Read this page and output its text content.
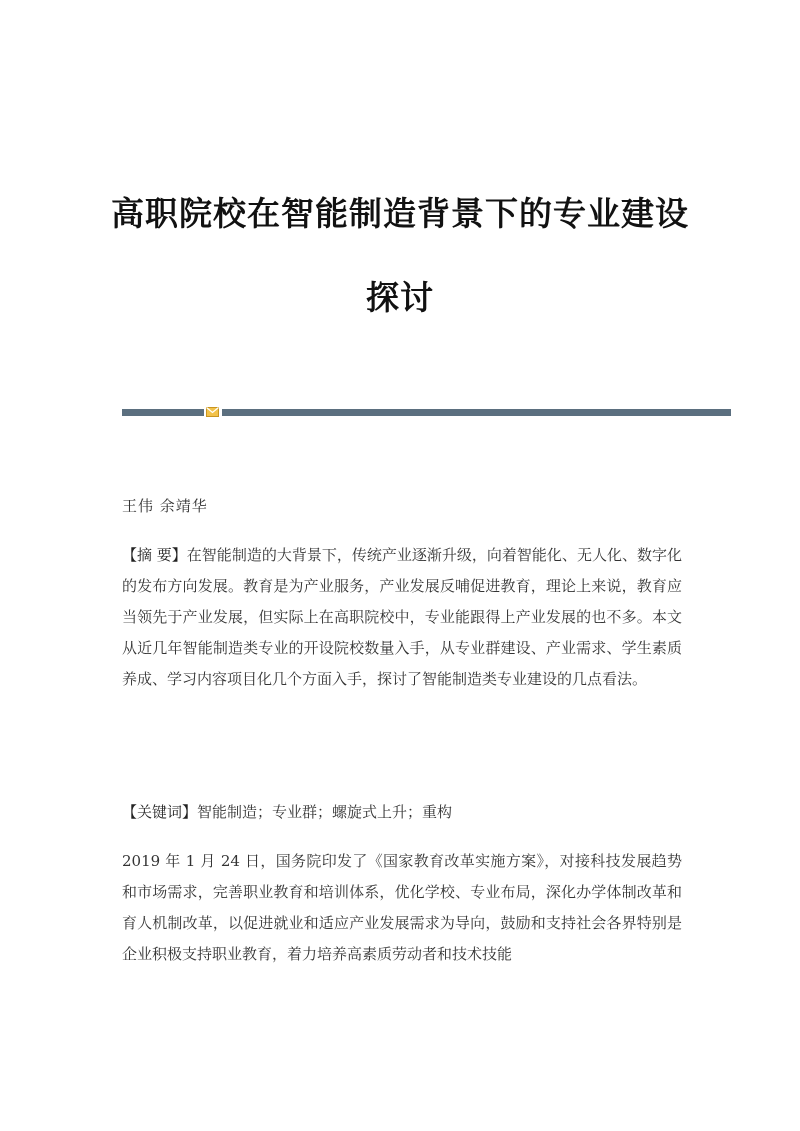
高职院校在智能制造背景下的专业建设
探讨
王伟 余靖华
【摘 要】在智能制造的大背景下，传统产业逐渐升级，向着智能化、无人化、数字化的发布方向发展。教育是为产业服务，产业发展反哺促进教育，理论上来说，教育应当领先于产业发展，但实际上在高职院校中，专业能跟得上产业发展的也不多。本文从近几年智能制造类专业的开设院校数量入手，从专业群建设、产业需求、学生素质养成、学习内容项目化几个方面入手，探讨了智能制造类专业建设的几点看法。
【关键词】智能制造；专业群；螺旋式上升；重构
2019 年 1 月 24 日，国务院印发了《国家教育改革实施方案》，对接科技发展趋势和市场需求，完善职业教育和培训体系，优化学校、专业布局，深化办学体制改革和育人机制改革，以促进就业和适应产业发展需求为导向，鼓励和支持社会各界特别是企业积极支持职业教育，着力培养高素质劳动者和技术技能
